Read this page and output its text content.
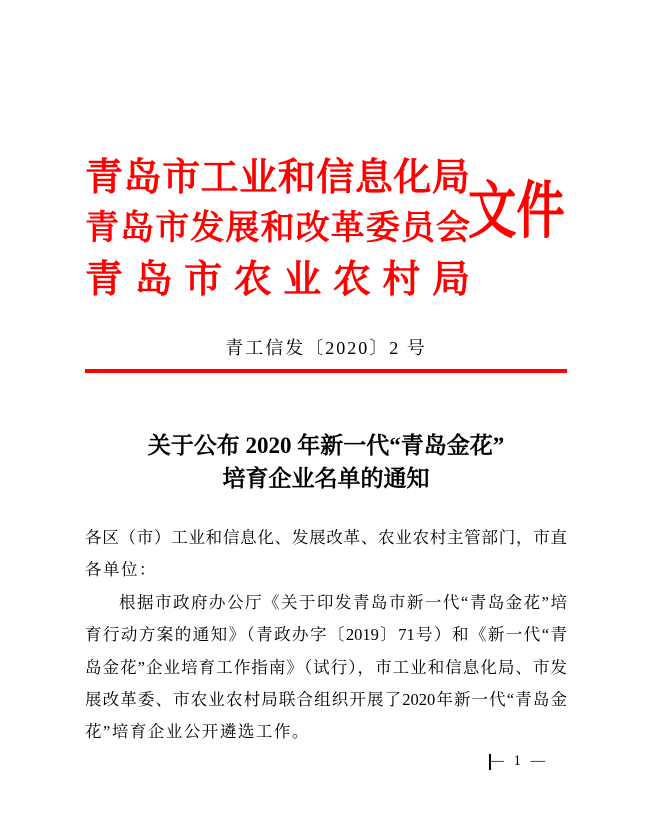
青 岛 市 工 业 和 信 息 化 局
青 岛 市 发 展 和 改 革 委 员 会
青 岛 市 农 业 农 村 局
文件
青工信发〔2020〕2 号
关于公布 2020 年新一代“青岛金花”
培育企业名单的通知
各区（市）工业和信息化、发展改革、农业农村主管部门，市直
各单位：
根据市政府办公厅《关于印发青岛市新一代“青岛金花”培
育行动方案的通知》（青政办字〔2019〕71号）和《新一代“青
岛金花”企业培育工作指南》（试行），市工业和信息化局、市发
展改革委、市农业农村局联合组织开展了2020年新一代“青岛金
花”培育企业公开遴选工作。
— 1 —
